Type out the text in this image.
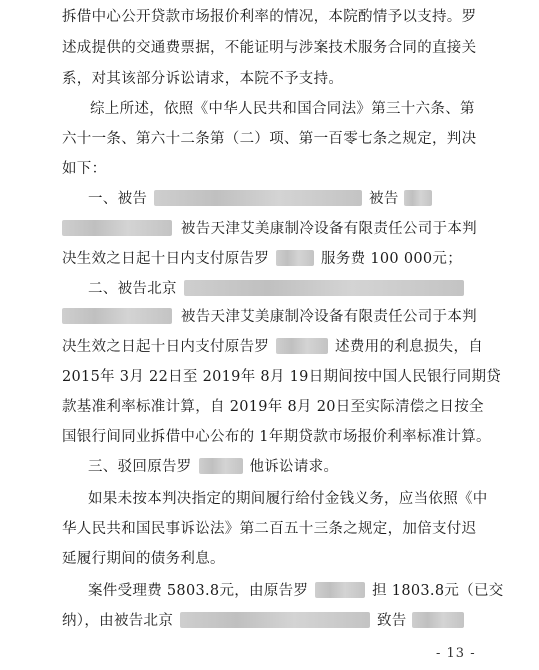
拆借中心公开贷款市场报价利率的情况，本院酌情予以支持。罗
述成提供的交通费票据，不能证明与涉案技术服务合同的直接关
系，对其该部分诉讼请求，本院不予支持。
综上所述，依照《中华人民共和国合同法》第三十六条、第
六十一条、第六十二条第（二）项、第一百零七条之规定，判决
如下：
一、被告	被告
被告天津艾美康制冷设备有限责任公司于本判
决生效之日起十日内支付原告罗	服务费 100 000元；
二、被告北京
被告天津艾美康制冷设备有限责任公司于本判
决生效之日起十日内支付原告罗	述费用的利息损失，自
2015年 3月 22日至 2019年 8月 19日期间按中国人民银行同期贷
款基准利率标准计算，自 2019年 8月 20日至实际清偿之日按全
国银行间同业拆借中心公布的 1年期贷款市场报价利率标准计算。
三、驳回原告罗	他诉讼请求。
如果未按本判决指定的期间履行给付金钱义务，应当依照《中
华人民共和国民事诉讼法》第二百五十三条之规定，加倍支付迟
延履行期间的债务利息。
案件受理费 5803.8元，由原告罗	担 1803.8元（已交
纳），由被告北京	致告
- 13 -
